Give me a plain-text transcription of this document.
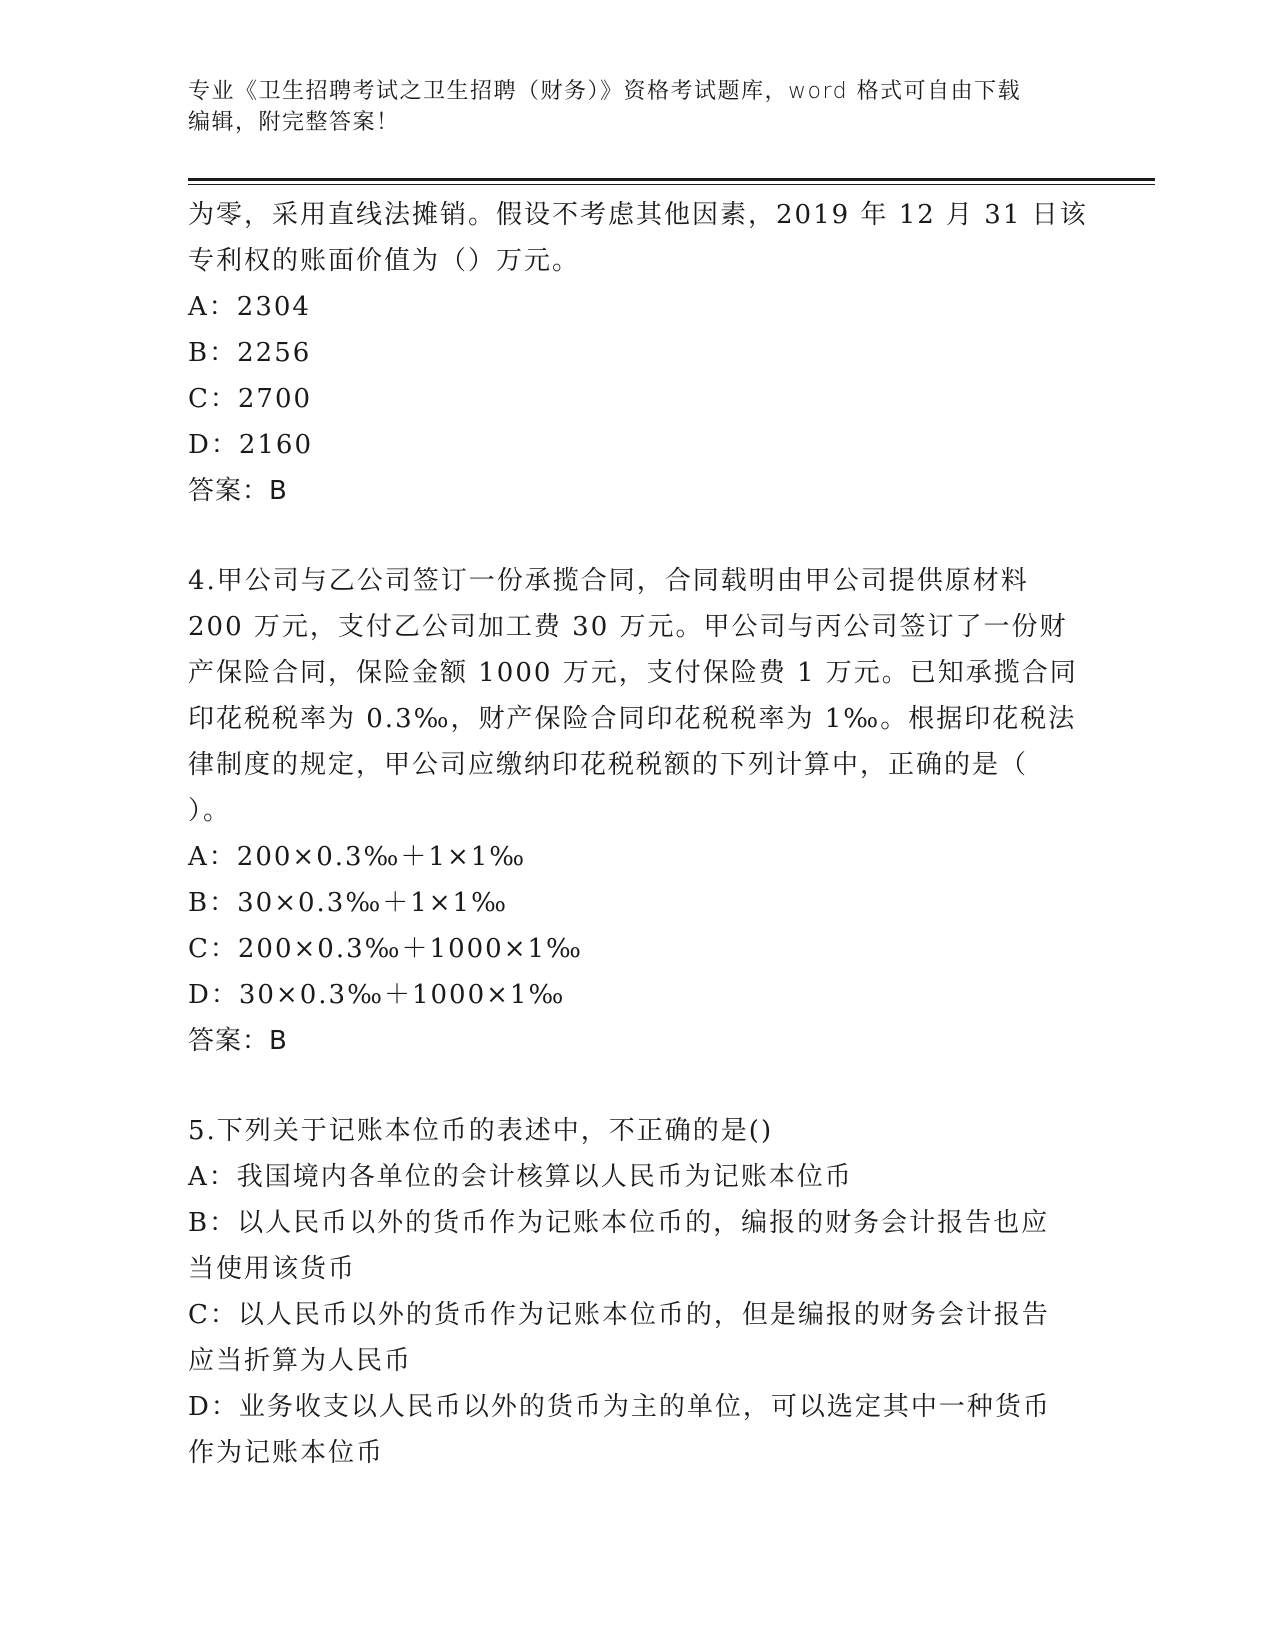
专业《卫生招聘考试之卫生招聘（财务）》资格考试题库，word 格式可自由下载
编辑，附完整答案！
为零，采用直线法摊销。假设不考虑其他因素，2019 年 12 月 31 日该
专利权的账面价值为（）万元。
A：2304
B：2256
C：2700
D：2160
答案：B
4.甲公司与乙公司签订一份承揽合同，合同载明由甲公司提供原材料
200 万元，支付乙公司加工费 30 万元。甲公司与丙公司签订了一份财
产保险合同，保险金额 1000 万元，支付保险费 1 万元。已知承揽合同
印花税税率为 0.3‰，财产保险合同印花税税率为 1‰。根据印花税法
律制度的规定，甲公司应缴纳印花税税额的下列计算中，正确的是（
）。
A：200×0.3‰＋1×1‰
B：30×0.3‰＋1×1‰
C：200×0.3‰＋1000×1‰
D：30×0.3‰＋1000×1‰
答案：B
5.下列关于记账本位币的表述中，不正确的是()
A：我国境内各单位的会计核算以人民币为记账本位币
B：以人民币以外的货币作为记账本位币的，编报的财务会计报告也应
当使用该货币
C：以人民币以外的货币作为记账本位币的，但是编报的财务会计报告
应当折算为人民币
D：业务收支以人民币以外的货币为主的单位，可以选定其中一种货币
作为记账本位币
